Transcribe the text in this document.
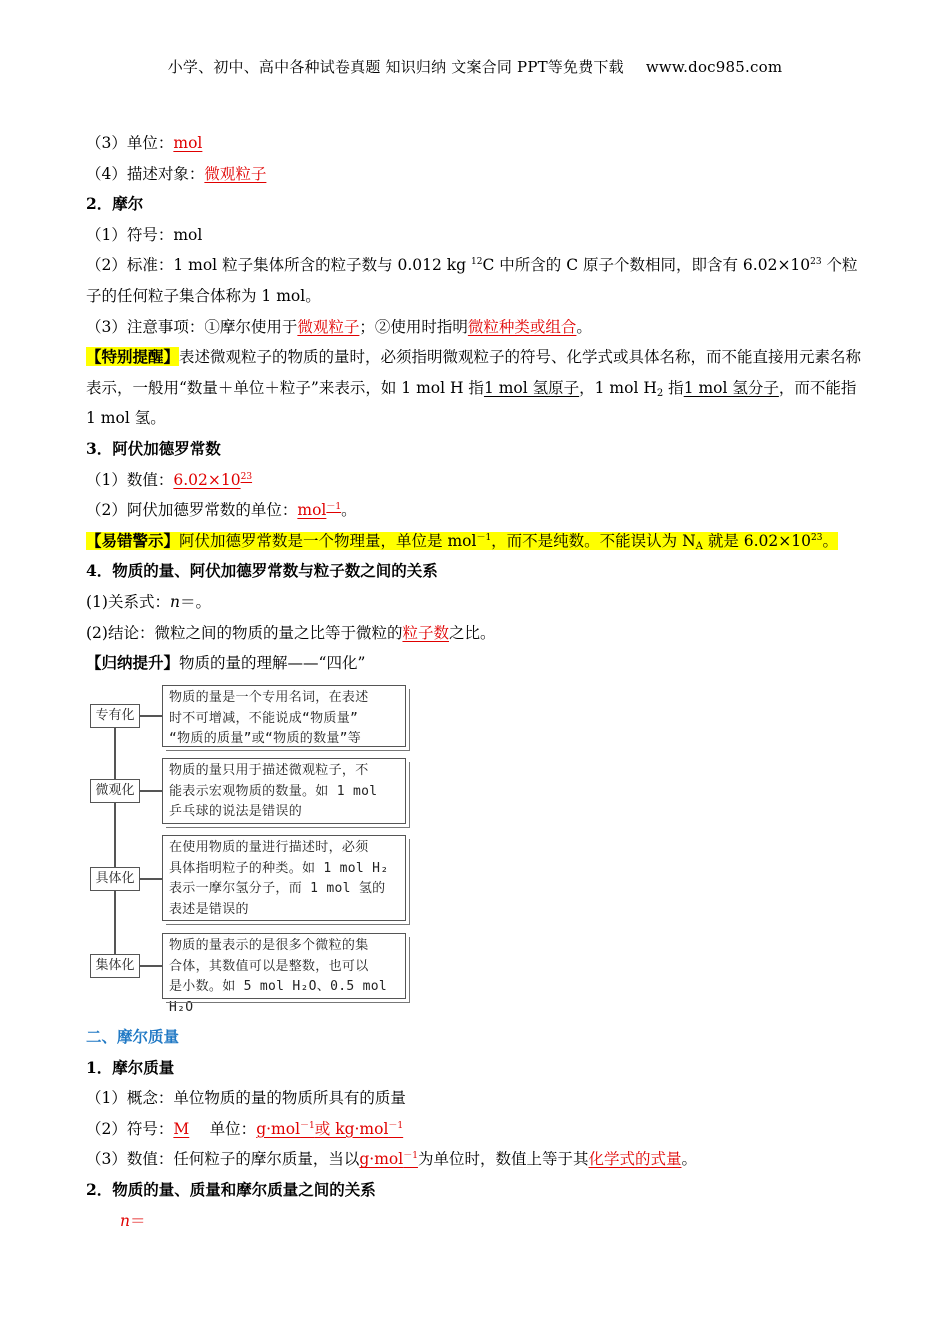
小学、初中、高中各种试卷真题 知识归纳 文案合同 PPT等免费下载 www.doc985.com
（3）单位：mol
（4）描述对象：微观粒子
2．摩尔
（1）符号：mol
（2）标准：1 mol 粒子集体所含的粒子数与 0.012 kg $^{12}$C 中所含的 C 原子个数相同，即含有 $6.02\times 10^{23}$ 个粒子的任何粒子集合体称为 1 mol。
（3）注意事项：①摩尔使用于微观粒子；②使用时指明微粒种类或组合。
【特别提醒】表述微观粒子的物质的量时，必须指明微观粒子的符号、化学式或具体名称，而不能直接用元素名称表示，一般用“数量＋单位＋粒子”来表示，如 1 mol H 指1 mol 氢原子，1 mol $H_2$ 指1 mol 氢分子，而不能指 1 mol 氢。
3．阿伏加德罗常数
（1）数值：$6.02\times 10^{23}$
（2）阿伏加德罗常数的单位：mol$^{-1}$。
【易错警示】阿伏加德罗常数是一个物理量，单位是 mol$^{-1}$，而不是纯数。不能误认为 $N_A$ 就是 $6.02\times 10^{23}$。
4．物质的量、阿伏加德罗常数与粒子数之间的关系
(1)关系式：n＝。
(2)结论：微粒之间的物质的量之比等于微粒的粒子数之比。
【归纳提升】物质的量的理解——“四化”
专有化
物质的量是一个专用名词，在表述
时不可增减，不能说成“物质量”
“物质的质量”或“物质的数量”等
微观化
物质的量只用于描述微观粒子，不
能表示宏观物质的数量。如 1 mol
乒乓球的说法是错误的
具体化
在使用物质的量进行描述时，必须
具体指明粒子的种类。如 1 mol H₂
表示一摩尔氢分子，而 1 mol 氢的
表述是错误的
集体化
物质的量表示的是很多个微粒的集
合体，其数值可以是整数，也可以
是小数。如 5 mol H₂O、0.5 mol H₂O
二、摩尔质量
1．摩尔质量
（1）概念：单位物质的量的物质所具有的质量
（2）符号：M　 单位：g·mol$^{-1}$或 kg·mol$^{-1}$
（3）数值：任何粒子的摩尔质量，当以g·mol$^{-1}$为单位时，数值上等于其化学式的式量。
2．物质的量、质量和摩尔质量之间的关系
n＝
